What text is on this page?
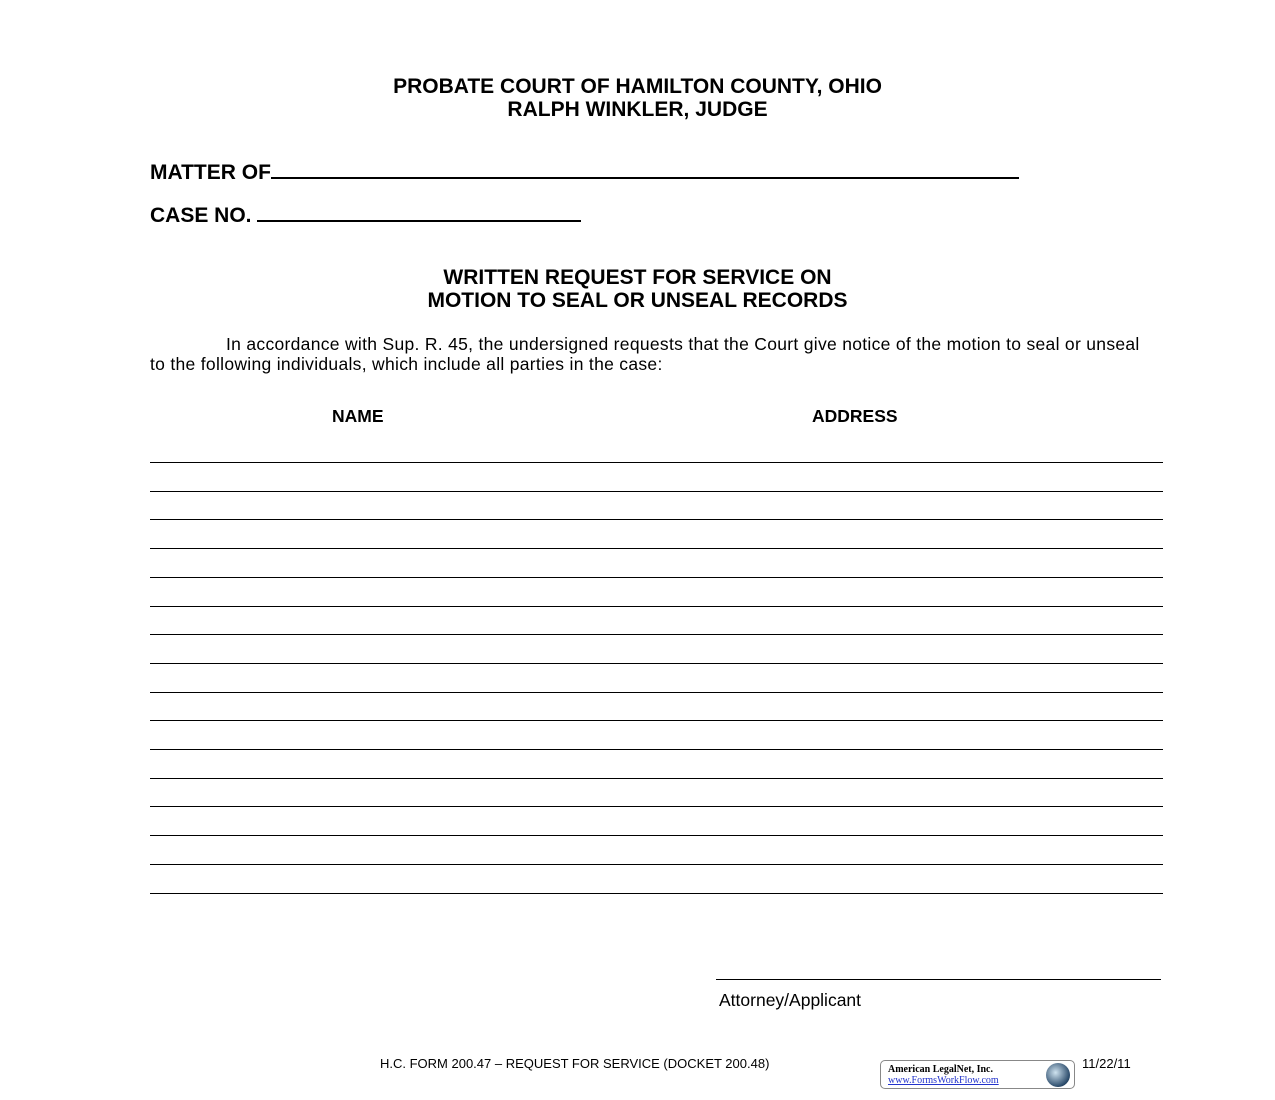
PROBATE COURT OF HAMILTON COUNTY, OHIO
RALPH WINKLER, JUDGE
MATTER OF
CASE NO.
WRITTEN REQUEST FOR SERVICE ON
MOTION TO SEAL OR UNSEAL RECORDS
In accordance with Sup. R. 45, the undersigned requests that the Court give notice of the motion to seal or unseal to the following individuals, which include all parties in the case:
NAME	ADDRESS
Attorney/Applicant
H.C. FORM 200.47 – REQUEST FOR SERVICE (DOCKET 200.48)	American LegalNet, Inc.
www.FormsWorkFlow.com
11/22/11
